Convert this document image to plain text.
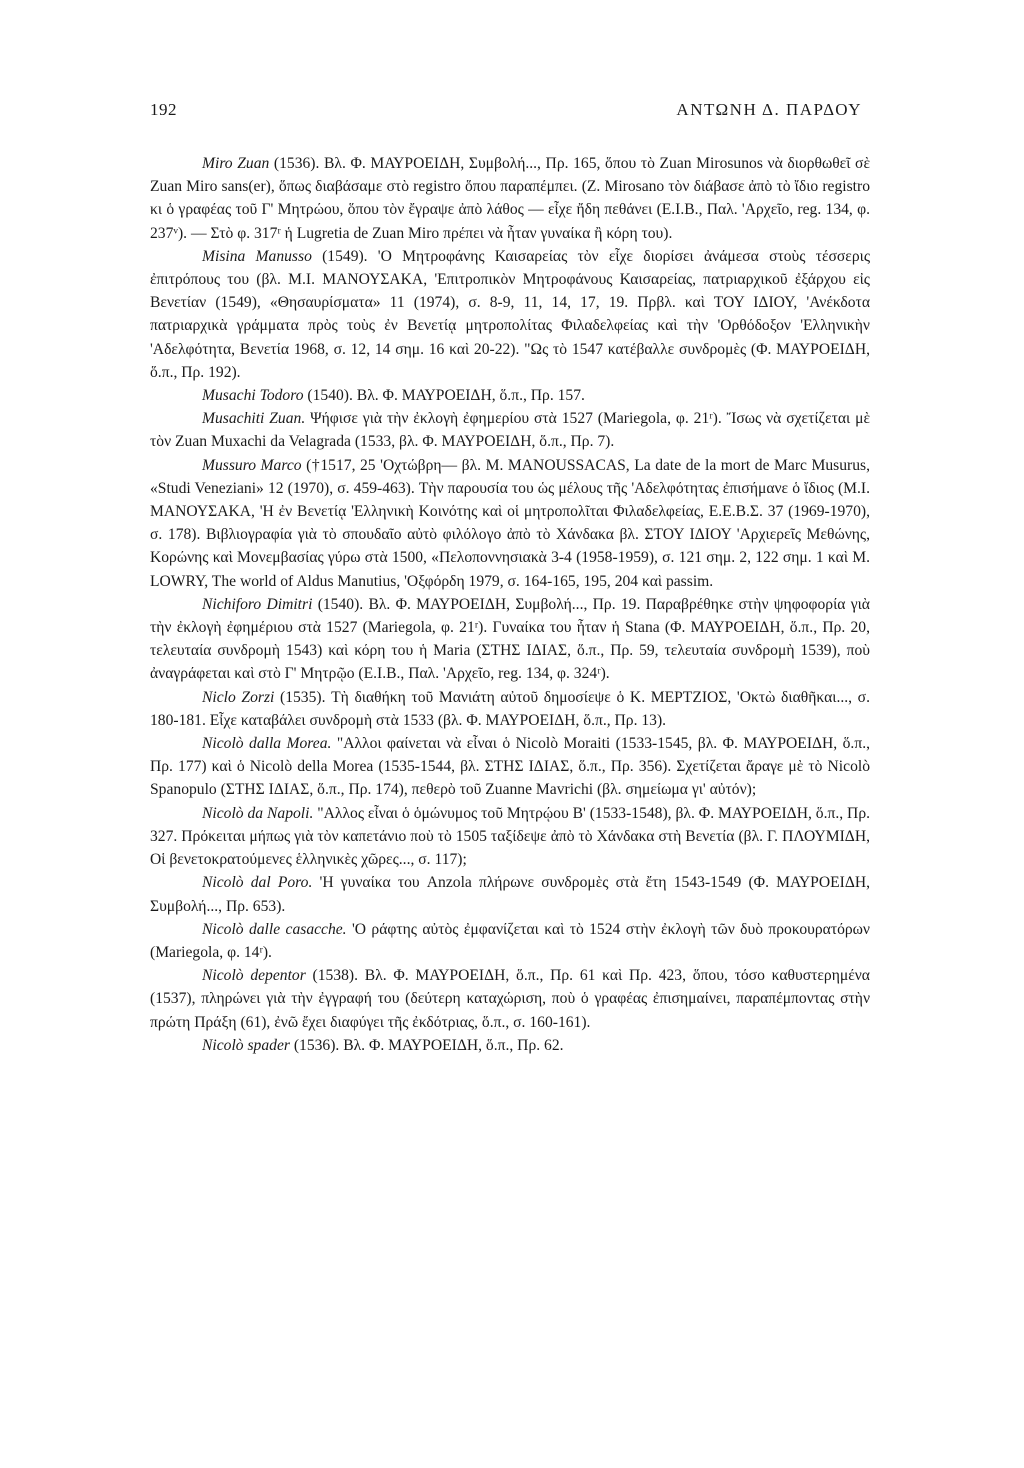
192	ΑΝΤΩΝΗ Δ. ΠΑΡΔΟΥ

Miro Zuan (1536). Βλ. Φ. ΜΑΥΡΟΕΙΔΗ, Συμβολή..., Πρ. 165, ὅπου τὸ Zuan Mirosunos νὰ διορθωθεῖ σὲ Zuan Miro sans(er), ὅπως διαβάσαμε στὸ registro ὅπου παραπέμπει. (Z. Mirosano τὸν διάβασε ἀπὸ τὸ ἴδιο registro κι ὁ γραφέας τοῦ Γ' Μητρώου, ὅπου τὸν ἔγραψε ἀπὸ λάθος — εἶχε ἤδη πεθάνει (Ε.Ι.Β., Παλ. 'Αρχεῖο, reg. 134, φ. 237ᵛ). — Στὸ φ. 317ʳ ἡ Lugretia de Zuan Miro πρέπει νὰ ἦταν γυναίκα ἢ κόρη του).

Misina Manusso (1549). 'Ο Μητροφάνης Καισαρείας τὸν εἶχε διορίσει ἀνάμεσα στοὺς τέσσερις ἐπιτρόπους του (βλ. Μ.Ι. ΜΑΝΟΥΣΑΚΑ, 'Επιτροπικὸν Μητροφάνους Καισαρείας, πατριαρχικοῦ ἐξάρχου εἰς Βενετίαν (1549), «Θησαυρίσματα» 11 (1974), σ. 8-9, 11, 14, 17, 19. Πρβλ. καὶ ΤΟΥ ΙΔΙΟΥ, 'Ανέκδοτα πατριαρχικὰ γράμματα πρὸς τοὺς ἐν Βενετίᾳ μητροπολίτας Φιλαδελφείας καὶ τὴν 'Ορθόδοξον 'Ελληνικὴν 'Αδελφότητα, Βενετία 1968, σ. 12, 14 σημ. 16 καὶ 20-22). "Ως τὸ 1547 κατέβαλλε συνδρομὲς (Φ. ΜΑΥΡΟΕΙΔΗ, ὅ.π., Πρ. 192).

Musachi Todoro (1540). Βλ. Φ. ΜΑΥΡΟΕΙΔΗ, ὅ.π., Πρ. 157.

Musachiti Zuan. Ψήφισε γιὰ τὴν ἐκλογὴ ἐφημερίου στὰ 1527 (Mariegola, φ. 21ʳ). Ἴσως νὰ σχετίζεται μὲ τὸν Zuan Muxachi da Velagrada (1533, βλ. Φ. ΜΑΥΡΟΕΙΔΗ, ὅ.π., Πρ. 7).

Mussuro Marco (†1517, 25 'Οχτώβρη— βλ. Μ. MANOUSSACAS, La date de la mort de Marc Musurus, «Studi Veneziani» 12 (1970), σ. 459-463). Τὴν παρουσία του ὡς μέλους τῆς 'Αδελφότητας ἐπισήμανε ὁ ἴδιος (Μ.Ι. ΜΑΝΟΥΣΑΚΑ, 'Η ἐν Βενετίᾳ 'Ελληνικὴ Κοινότης καὶ οἱ μητροπολῖται Φιλαδελφείας, Ε.Ε.Β.Σ. 37 (1969-1970), σ. 178). Βιβλιογραφία γιὰ τὸ σπουδαῖο αὐτὸ φιλόλογο ἀπὸ τὸ Χάνδακα βλ. ΣΤΟΥ ΙΔΙΟΥ 'Αρχιερεῖς Μεθώνης, Κορώνης καὶ Μονεμβασίας γύρω στὰ 1500, «Πελοποννησιακὰ 3-4 (1958-1959), σ. 121 σημ. 2, 122 σημ. 1 καὶ Μ. LOWRY, The world of Aldus Manutius, 'Οξφόρδη 1979, σ. 164-165, 195, 204 καὶ passim.

Nichiforo Dimitri (1540). Βλ. Φ. ΜΑΥΡΟΕΙΔΗ, Συμβολή..., Πρ. 19. Παραβρέθηκε στὴν ψηφοφορία γιὰ τὴν ἐκλογὴ ἐφημέριου στὰ 1527 (Mariegola, φ. 21ʳ). Γυναίκα του ἦταν ἡ Stana (Φ. ΜΑΥΡΟΕΙΔΗ, ὅ.π., Πρ. 20, τελευταία συνδρομὴ 1543) καὶ κόρη του ἡ Maria (ΣΤΗΣ ΙΔΙΑΣ, ὅ.π., Πρ. 59, τελευταία συνδρομὴ 1539), ποὺ ἀναγράφεται καὶ στὸ Γ' Μητρῷο (Ε.Ι.Β., Παλ. 'Αρχεῖο, reg. 134, φ. 324ʳ).

Niclo Zorzi (1535). Τὴ διαθήκη τοῦ Μανιάτη αὐτοῦ δημοσίεψε ὁ Κ. ΜΕΡΤΖΙΟΣ, 'Οκτὼ διαθῆκαι..., σ. 180-181. Εἶχε καταβάλει συνδρομὴ στὰ 1533 (βλ. Φ. ΜΑΥΡΟΕΙΔΗ, ὅ.π., Πρ. 13).

Nicolò dalla Morea. "Αλλοι φαίνεται νὰ εἶναι ὁ Nicolò Moraiti (1533-1545, βλ. Φ. ΜΑΥΡΟΕΙΔΗ, ὅ.π., Πρ. 177) καὶ ὁ Nicolò della Morea (1535-1544, βλ. ΣΤΗΣ ΙΔΙΑΣ, ὅ.π., Πρ. 356). Σχετίζεται ἄραγε μὲ τὸ Nicolò Spanopulo (ΣΤΗΣ ΙΔΙΑΣ, ὅ.π., Πρ. 174), πεθερὸ τοῦ Zuanne Mavrichi (βλ. σημείωμα γι' αὐτόν);

Nicolò da Napoli. "Αλλος εἶναι ὁ ὁμώνυμος τοῦ Μητρῴου Β' (1533-1548), βλ. Φ. ΜΑΥΡΟΕΙΔΗ, ὅ.π., Πρ. 327. Πρόκειται μήπως γιὰ τὸν καπετάνιο ποὺ τὸ 1505 ταξίδεψε ἀπὸ τὸ Χάνδακα στὴ Βενετία (βλ. Γ. ΠΛΟΥΜΙΔΗ, Οἱ βενετοκρατούμενες ἑλληνικὲς χῶρες..., σ. 117);

Nicolò dal Poro. 'Η γυναίκα του Anzola πλήρωνε συνδρομὲς στὰ ἔτη 1543-1549 (Φ. ΜΑΥΡΟΕΙΔΗ, Συμβολή..., Πρ. 653).

Nicolò dalle casacche. 'Ο ράφτης αὐτὸς ἐμφανίζεται καὶ τὸ 1524 στὴν ἐκλογὴ τῶν δυὸ προκουρατόρων (Mariegola, φ. 14ʳ).

Nicolò depentor (1538). Βλ. Φ. ΜΑΥΡΟΕΙΔΗ, ὅ.π., Πρ. 61 καὶ Πρ. 423, ὅπου, τόσο καθυστερημένα (1537), πληρώνει γιὰ τὴν ἐγγραφή του (δεύτερη καταχώριση, ποὺ ὁ γραφέας ἐπισημαίνει, παραπέμποντας στὴν πρώτη Πράξη (61), ἐνῶ ἔχει διαφύγει τῆς ἐκδότριας, ὅ.π., σ. 160-161).

Nicolò spader (1536). Βλ. Φ. ΜΑΥΡΟΕΙΔΗ, ὅ.π., Πρ. 62.
